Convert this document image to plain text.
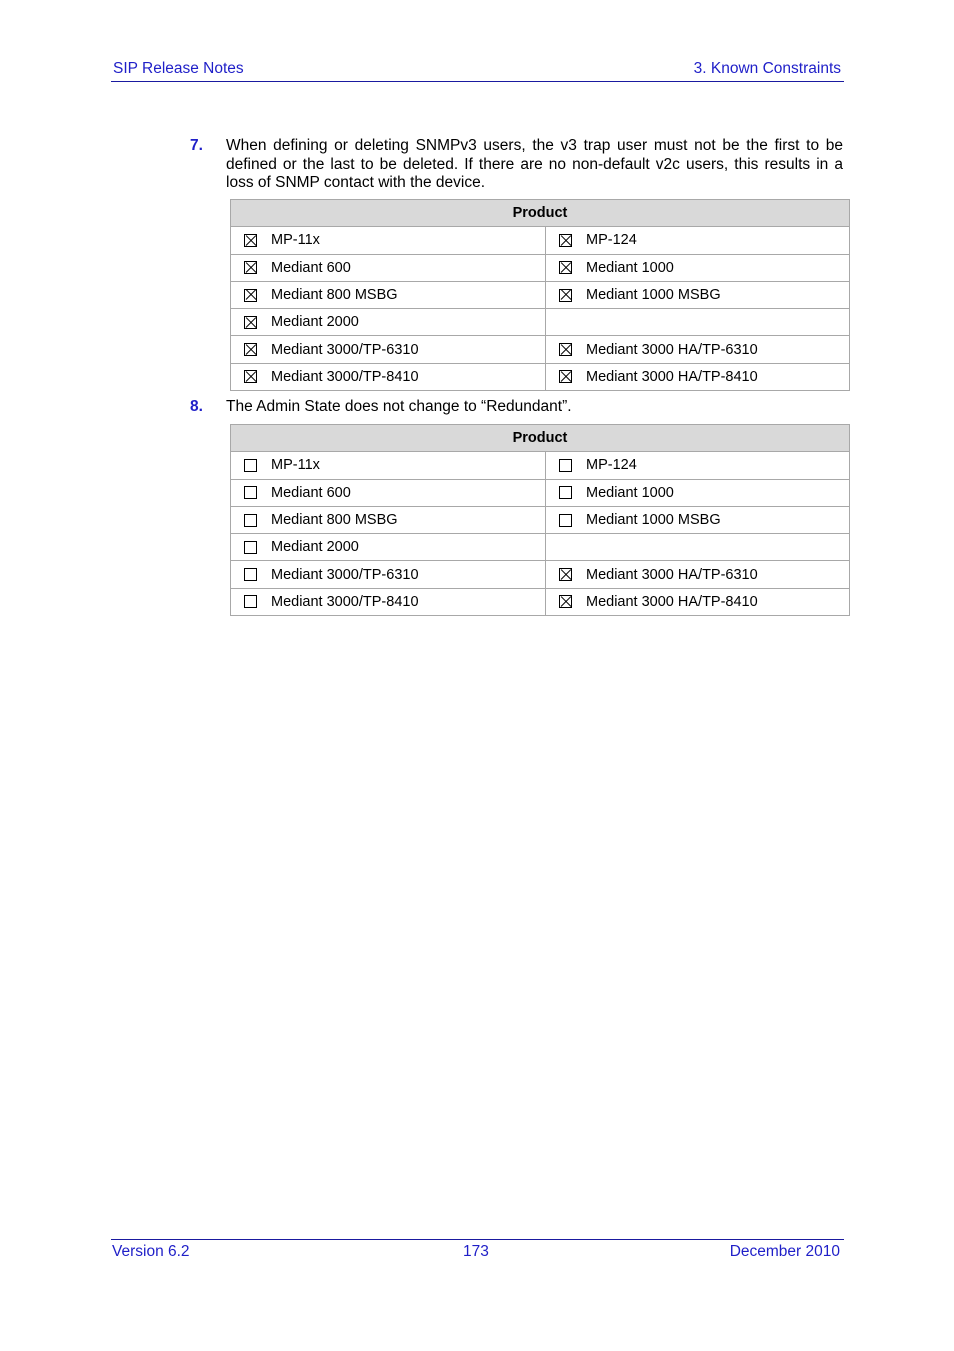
SIP Release Notes	3. Known Constraints
7. When defining or deleting SNMPv3 users, the v3 trap user must not be the first to be defined or the last to be deleted. If there are no non-default v2c users, this results in a loss of SNMP contact with the device.
Product	

MP-11x	MP-124

Mediant 600	Mediant 1000

Mediant 800 MSBG	Mediant 1000 MSBG

Mediant 2000	

Mediant 3000/TP-6310	Mediant 3000 HA/TP-6310

Mediant 3000/TP-8410	Mediant 3000 HA/TP-8410
8. The Admin State does not change to “Redundant”.
Product	

MP-11x	MP-124

Mediant 600	Mediant 1000

Mediant 800 MSBG	Mediant 1000 MSBG

Mediant 2000	

Mediant 3000/TP-6310	Mediant 3000 HA/TP-6310

Mediant 3000/TP-8410	Mediant 3000 HA/TP-8410
Version 6.2	173	December 2010
